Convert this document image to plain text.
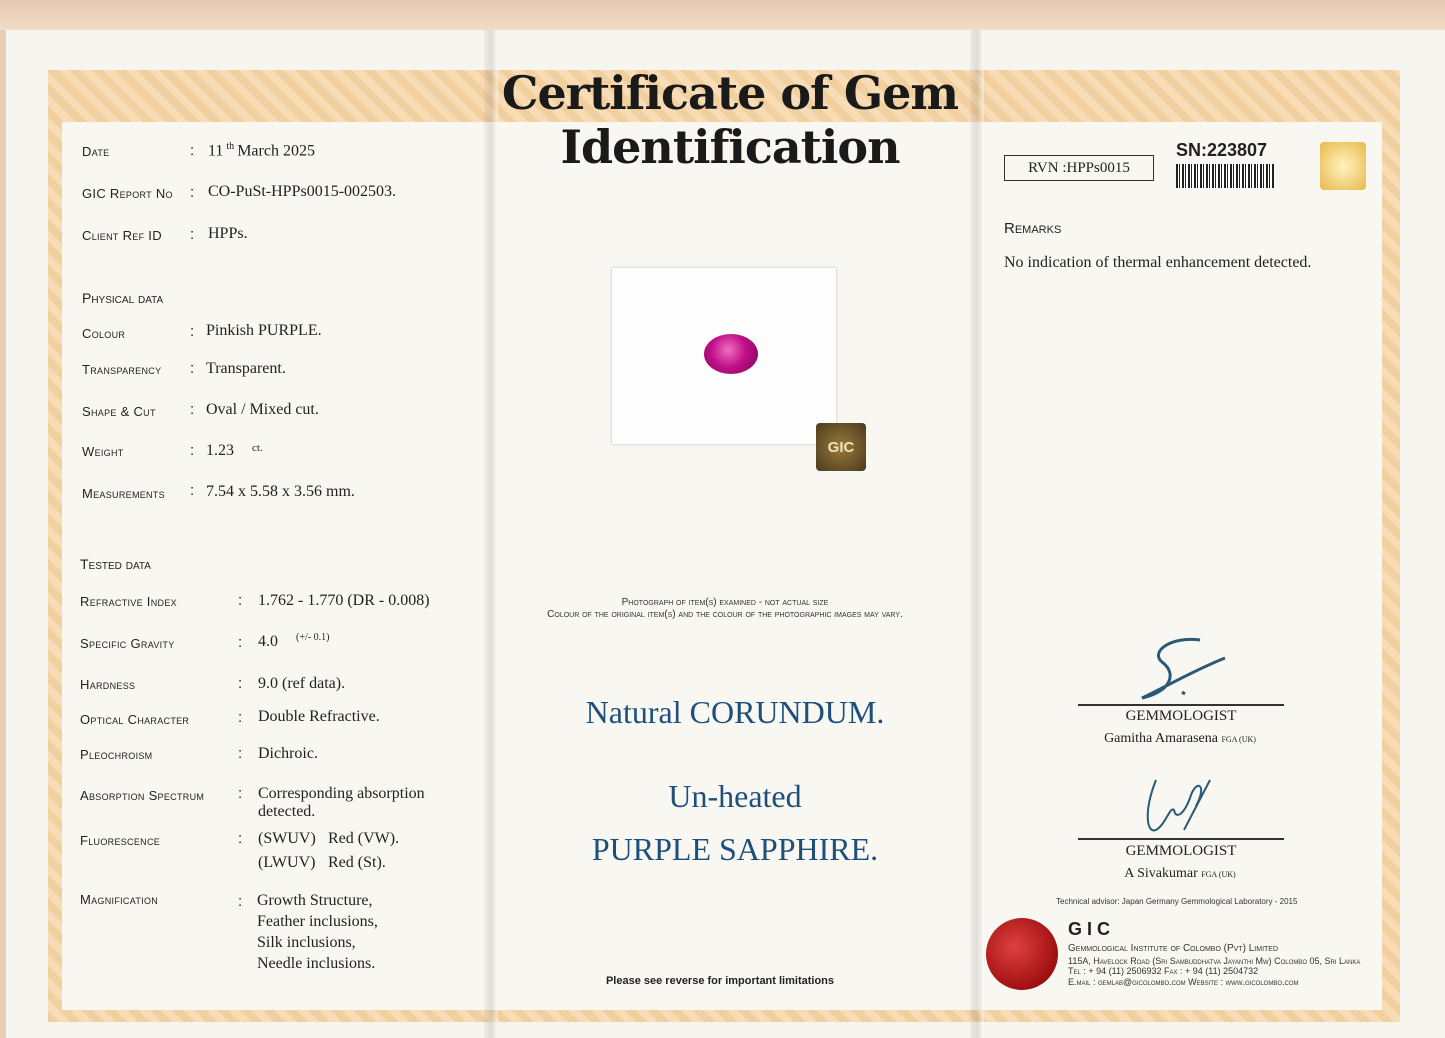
Certificate of Gem Identification
Date	: 11 $^{th}$ March 2025
GIC Report No : CO-PuSt-HPPs0015-002503.
Client Ref ID : HPPs.
Physical data
Colour	: Pinkish PURPLE.
Transparency : Transparent.
Shape & Cut : Oval / Mixed cut.
Weight	: 1.23 ct.
Measurements : 7.54 x 5.58 x 3.56 mm.
Tested data
Refractive Index	: 1.762 - 1.770 (DR - 0.008)
Specific Gravity	: 4.0 (+/- 0.1)
Hardness	: 9.0 (ref data).
Optical Character	: Double Refractive.
Pleochroism	: Dichroic.
Absorption Spectrum : Corresponding absorption
detected.
Fluorescence	: (SWUV) Red (VW).
(LWUV) Red (St).
Magnification	: Growth Structure,
Feather inclusions,
Silk inclusions,
Needle inclusions.
GIC
Photograph of item(s) examined - not actual size
Colour of the original item(s) and the colour of the photographic images may vary.
Natural CORUNDUM.
Un-heated
PURPLE SAPPHIRE.
Please see reverse for important limitations
RVN :HPPs0015
SN:223807
Remarks
No indication of thermal enhancement detected.
GEMMOLOGIST
Gamitha Amarasena FGA (UK)
GEMMOLOGIST
A Sivakumar FGA (UK)
Technical advisor: Japan Germany Gemmological Laboratory - 2015
GIC
Gemmological Institute of Colombo (Pvt) Limited
115A, Havelock Road (Sri Sambuddhatva Jayanthi Mw) Colombo 05, Sri Lanka
Tel : + 94 (11) 2506932 Fax : + 94 (11) 2504732
E.mail : gemlab@gicolombo.com Website : www.gicolombo.com
